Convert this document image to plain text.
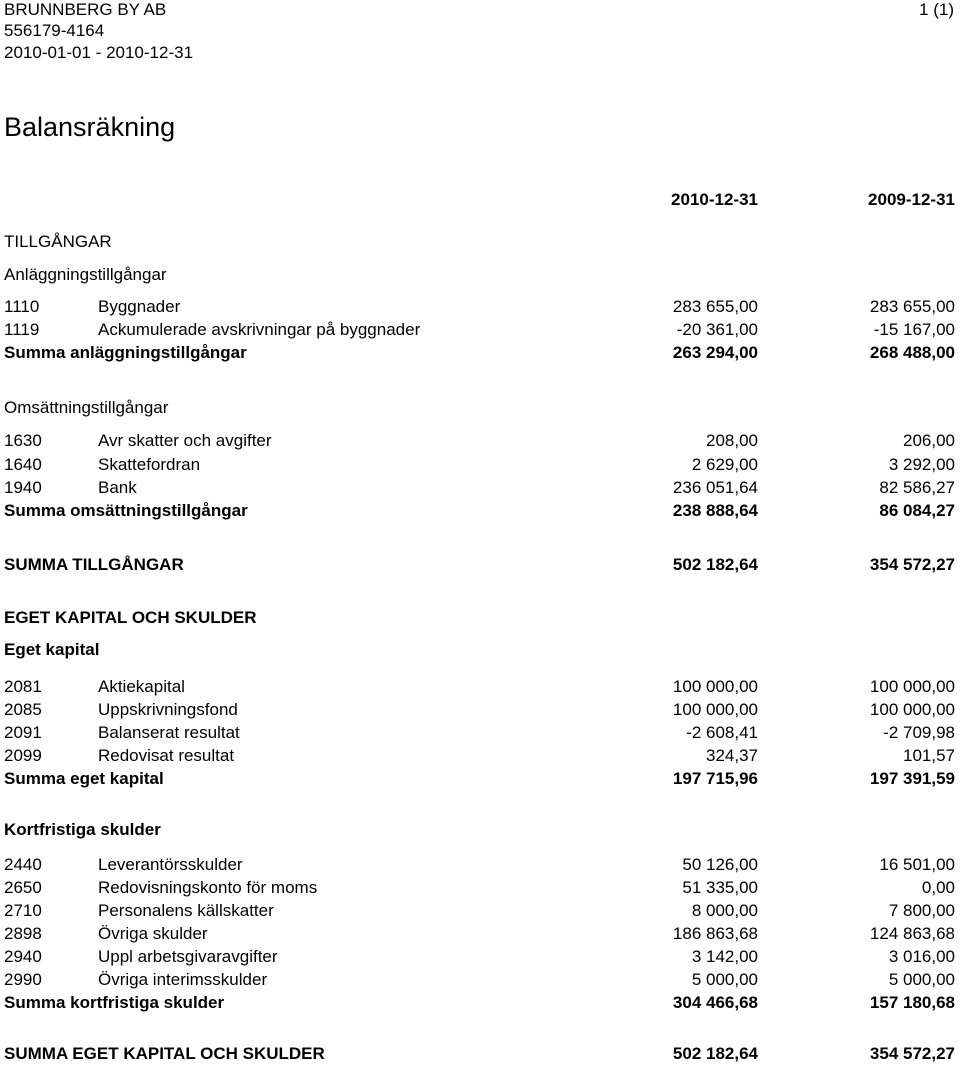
BRUNNBERG BY AB
556179-4164
2010-01-01 - 2010-12-31
1 (1)
Balansräkning
2010-12-31	2009-12-31
TILLGÅNGAR
Anläggningstillgångar
1110	Byggnader	283 655,00	283 655,00
1119	Ackumulerade avskrivningar på byggnader	-20 361,00	-15 167,00
Summa anläggningstillgångar	263 294,00	268 488,00
Omsättningstillgångar
1630	Avr skatter och avgifter	208,00	206,00
1640	Skattefordran	2 629,00	3 292,00
1940	Bank	236 051,64	82 586,27
Summa omsättningstillgångar	238 888,64	86 084,27
SUMMA TILLGÅNGAR	502 182,64	354 572,27
EGET KAPITAL OCH SKULDER
Eget kapital
2081	Aktiekapital	100 000,00	100 000,00
2085	Uppskrivningsfond	100 000,00	100 000,00
2091	Balanserat resultat	-2 608,41	-2 709,98
2099	Redovisat resultat	324,37	101,57
Summa eget kapital	197 715,96	197 391,59
Kortfristiga skulder
2440	Leverantörsskulder	50 126,00	16 501,00
2650	Redovisningskonto för moms	51 335,00	0,00
2710	Personalens källskatter	8 000,00	7 800,00
2898	Övriga skulder	186 863,68	124 863,68
2940	Uppl arbetsgivaravgifter	3 142,00	3 016,00
2990	Övriga interimsskulder	5 000,00	5 000,00
Summa kortfristiga skulder	304 466,68	157 180,68
SUMMA EGET KAPITAL OCH SKULDER	502 182,64	354 572,27
